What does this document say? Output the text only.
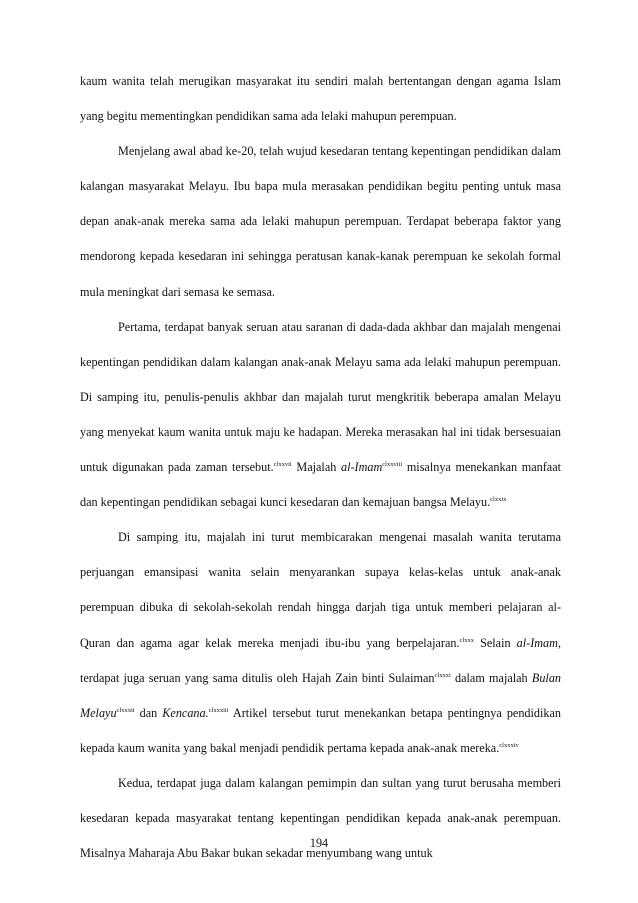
kaum wanita telah merugikan masyarakat itu sendiri malah bertentangan dengan agama Islam yang begitu mementingkan pendidikan sama ada lelaki mahupun perempuan.

Menjelang awal abad ke-20, telah wujud kesedaran tentang kepentingan pendidikan dalam kalangan masyarakat Melayu. Ibu bapa mula merasakan pendidikan begitu penting untuk masa depan anak-anak mereka sama ada lelaki mahupun perempuan. Terdapat beberapa faktor yang mendorong kepada kesedaran ini sehingga peratusan kanak-kanak perempuan ke sekolah formal mula meningkat dari semasa ke semasa.

Pertama, terdapat banyak seruan atau saranan di dada-dada akhbar dan majalah mengenai kepentingan pendidikan dalam kalangan anak-anak Melayu sama ada lelaki mahupun perempuan. Di samping itu, penulis-penulis akhbar dan majalah turut mengkritik beberapa amalan Melayu yang menyekat kaum wanita untuk maju ke hadapan. Mereka merasakan hal ini tidak bersesuaian untuk digunakan pada zaman tersebut.$^{clxxvii}$ Majalah al-Imam$^{clxxviii}$ misalnya menekankan manfaat dan kepentingan pendidikan sebagai kunci kesedaran dan kemajuan bangsa Melayu.$^{clxxix}$

Di samping itu, majalah ini turut membicarakan mengenai masalah wanita terutama perjuangan emansipasi wanita selain menyarankan supaya kelas-kelas untuk anak-anak perempuan dibuka di sekolah-sekolah rendah hingga darjah tiga untuk memberi pelajaran al-Quran dan agama agar kelak mereka menjadi ibu-ibu yang berpelajaran.$^{clxxx}$ Selain al-Imam, terdapat juga seruan yang sama ditulis oleh Hajah Zain binti Sulaiman$^{clxxxi}$ dalam majalah Bulan Melayu$^{clxxxii}$ dan Kencana.$^{clxxxiii}$ Artikel tersebut turut menekankan betapa pentingnya pendidikan kepada kaum wanita yang bakal menjadi pendidik pertama kepada anak-anak mereka.$^{clxxxiv}$

Kedua, terdapat juga dalam kalangan pemimpin dan sultan yang turut berusaha memberi kesedaran kepada masyarakat tentang kepentingan pendidikan kepada anak-anak perempuan. Misalnya Maharaja Abu Bakar bukan sekadar menyumbang wang untuk

194
